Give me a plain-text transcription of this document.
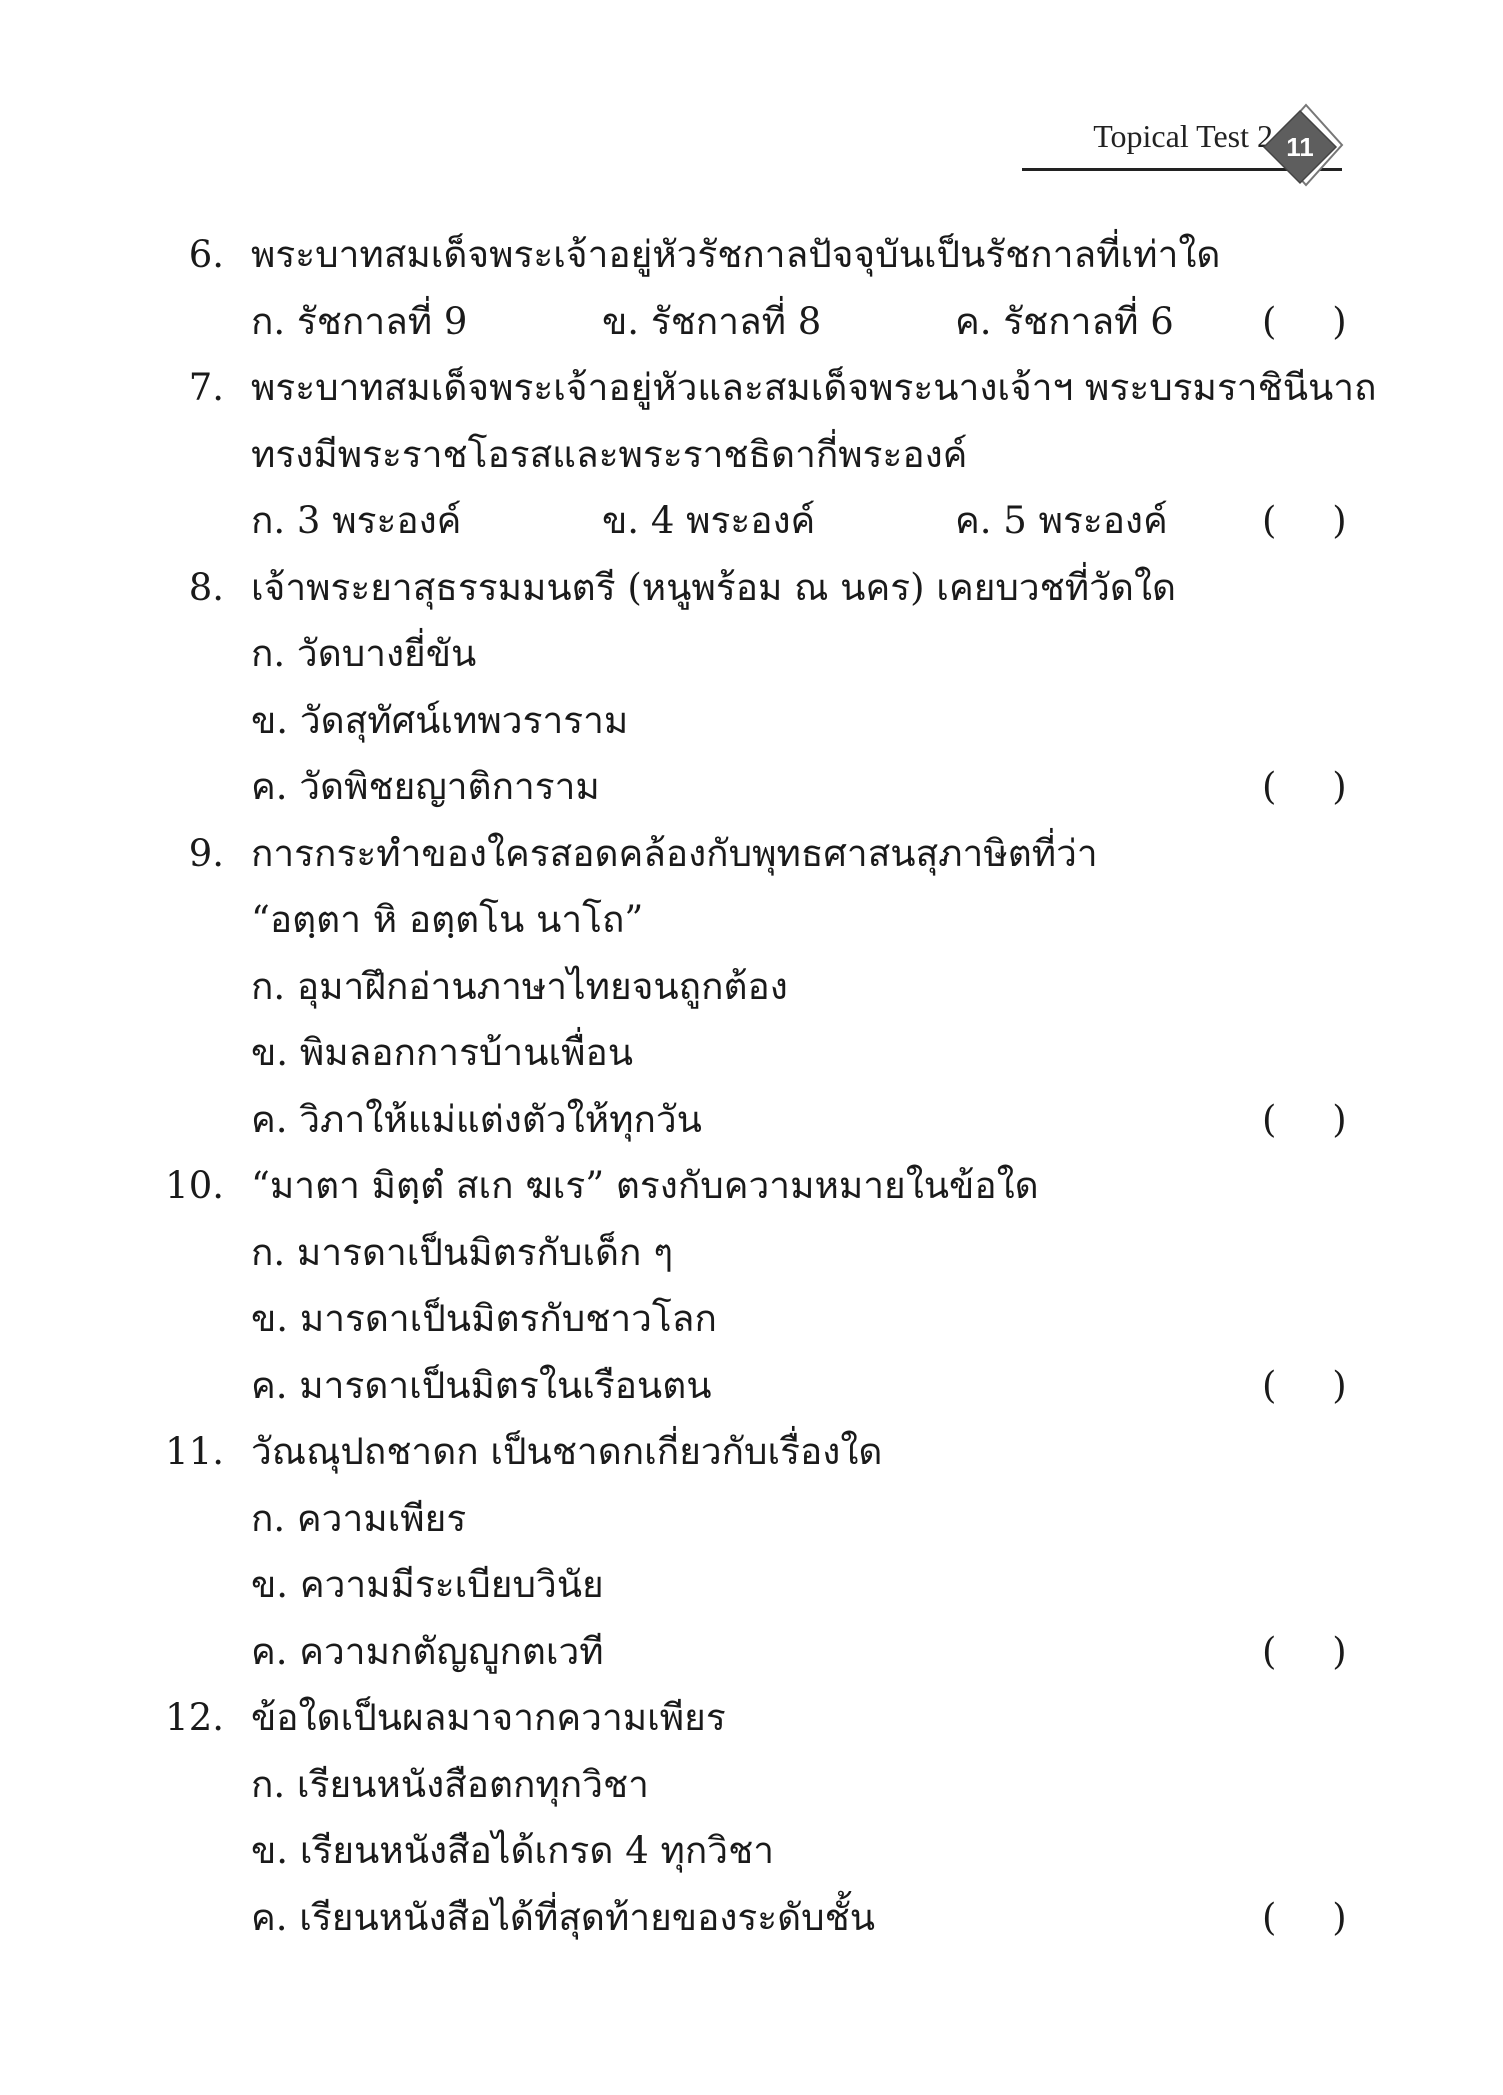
Topical Test 2 11
6. พระบาทสมเด็จพระเจ้าอยู่หัวรัชกาลปัจจุบันเป็นรัชกาลที่เท่าใด
ก. รัชกาลที่ 9	ข. รัชกาลที่ 8	ค. รัชกาลที่ 6 ( )
7. พระบาทสมเด็จพระเจ้าอยู่หัวและสมเด็จพระนางเจ้าฯ พระบรมราชินีนาถ
ทรงมีพระราชโอรสและพระราชธิดากี่พระองค์
ก. 3 พระองค์	ข. 4 พระองค์	ค. 5 พระองค์	( )
8. เจ้าพระยาสุธรรมมนตรี (หนูพร้อม ณ นคร) เคยบวชที่วัดใด
ก. วัดบางยี่ขัน
ข. วัดสุทัศน์เทพวราราม
ค. วัดพิชยญาติการาม	( )
9. การกระทำของใครสอดคล้องกับพุทธศาสนสุภาษิตที่ว่า
“อตฺตา หิ อตฺตโน นาโถ”
ก. อุมาฝึกอ่านภาษาไทยจนถูกต้อง
ข. พิมลอกการบ้านเพื่อน
ค. วิภาให้แม่แต่งตัวให้ทุกวัน	( )
10. “มาตา มิตฺตํ สเก ฆเร” ตรงกับความหมายในข้อใด
ก. มารดาเป็นมิตรกับเด็ก ๆ
ข. มารดาเป็นมิตรกับชาวโลก
ค. มารดาเป็นมิตรในเรือนตน	( )
11. วัณณุปถชาดก เป็นชาดกเกี่ยวกับเรื่องใด
ก. ความเพียร
ข. ความมีระเบียบวินัย
ค. ความกตัญญูกตเวที	( )
12. ข้อใดเป็นผลมาจากความเพียร
ก. เรียนหนังสือตกทุกวิชา
ข. เรียนหนังสือได้เกรด 4 ทุกวิชา
ค. เรียนหนังสือได้ที่สุดท้ายของระดับชั้น	( )
